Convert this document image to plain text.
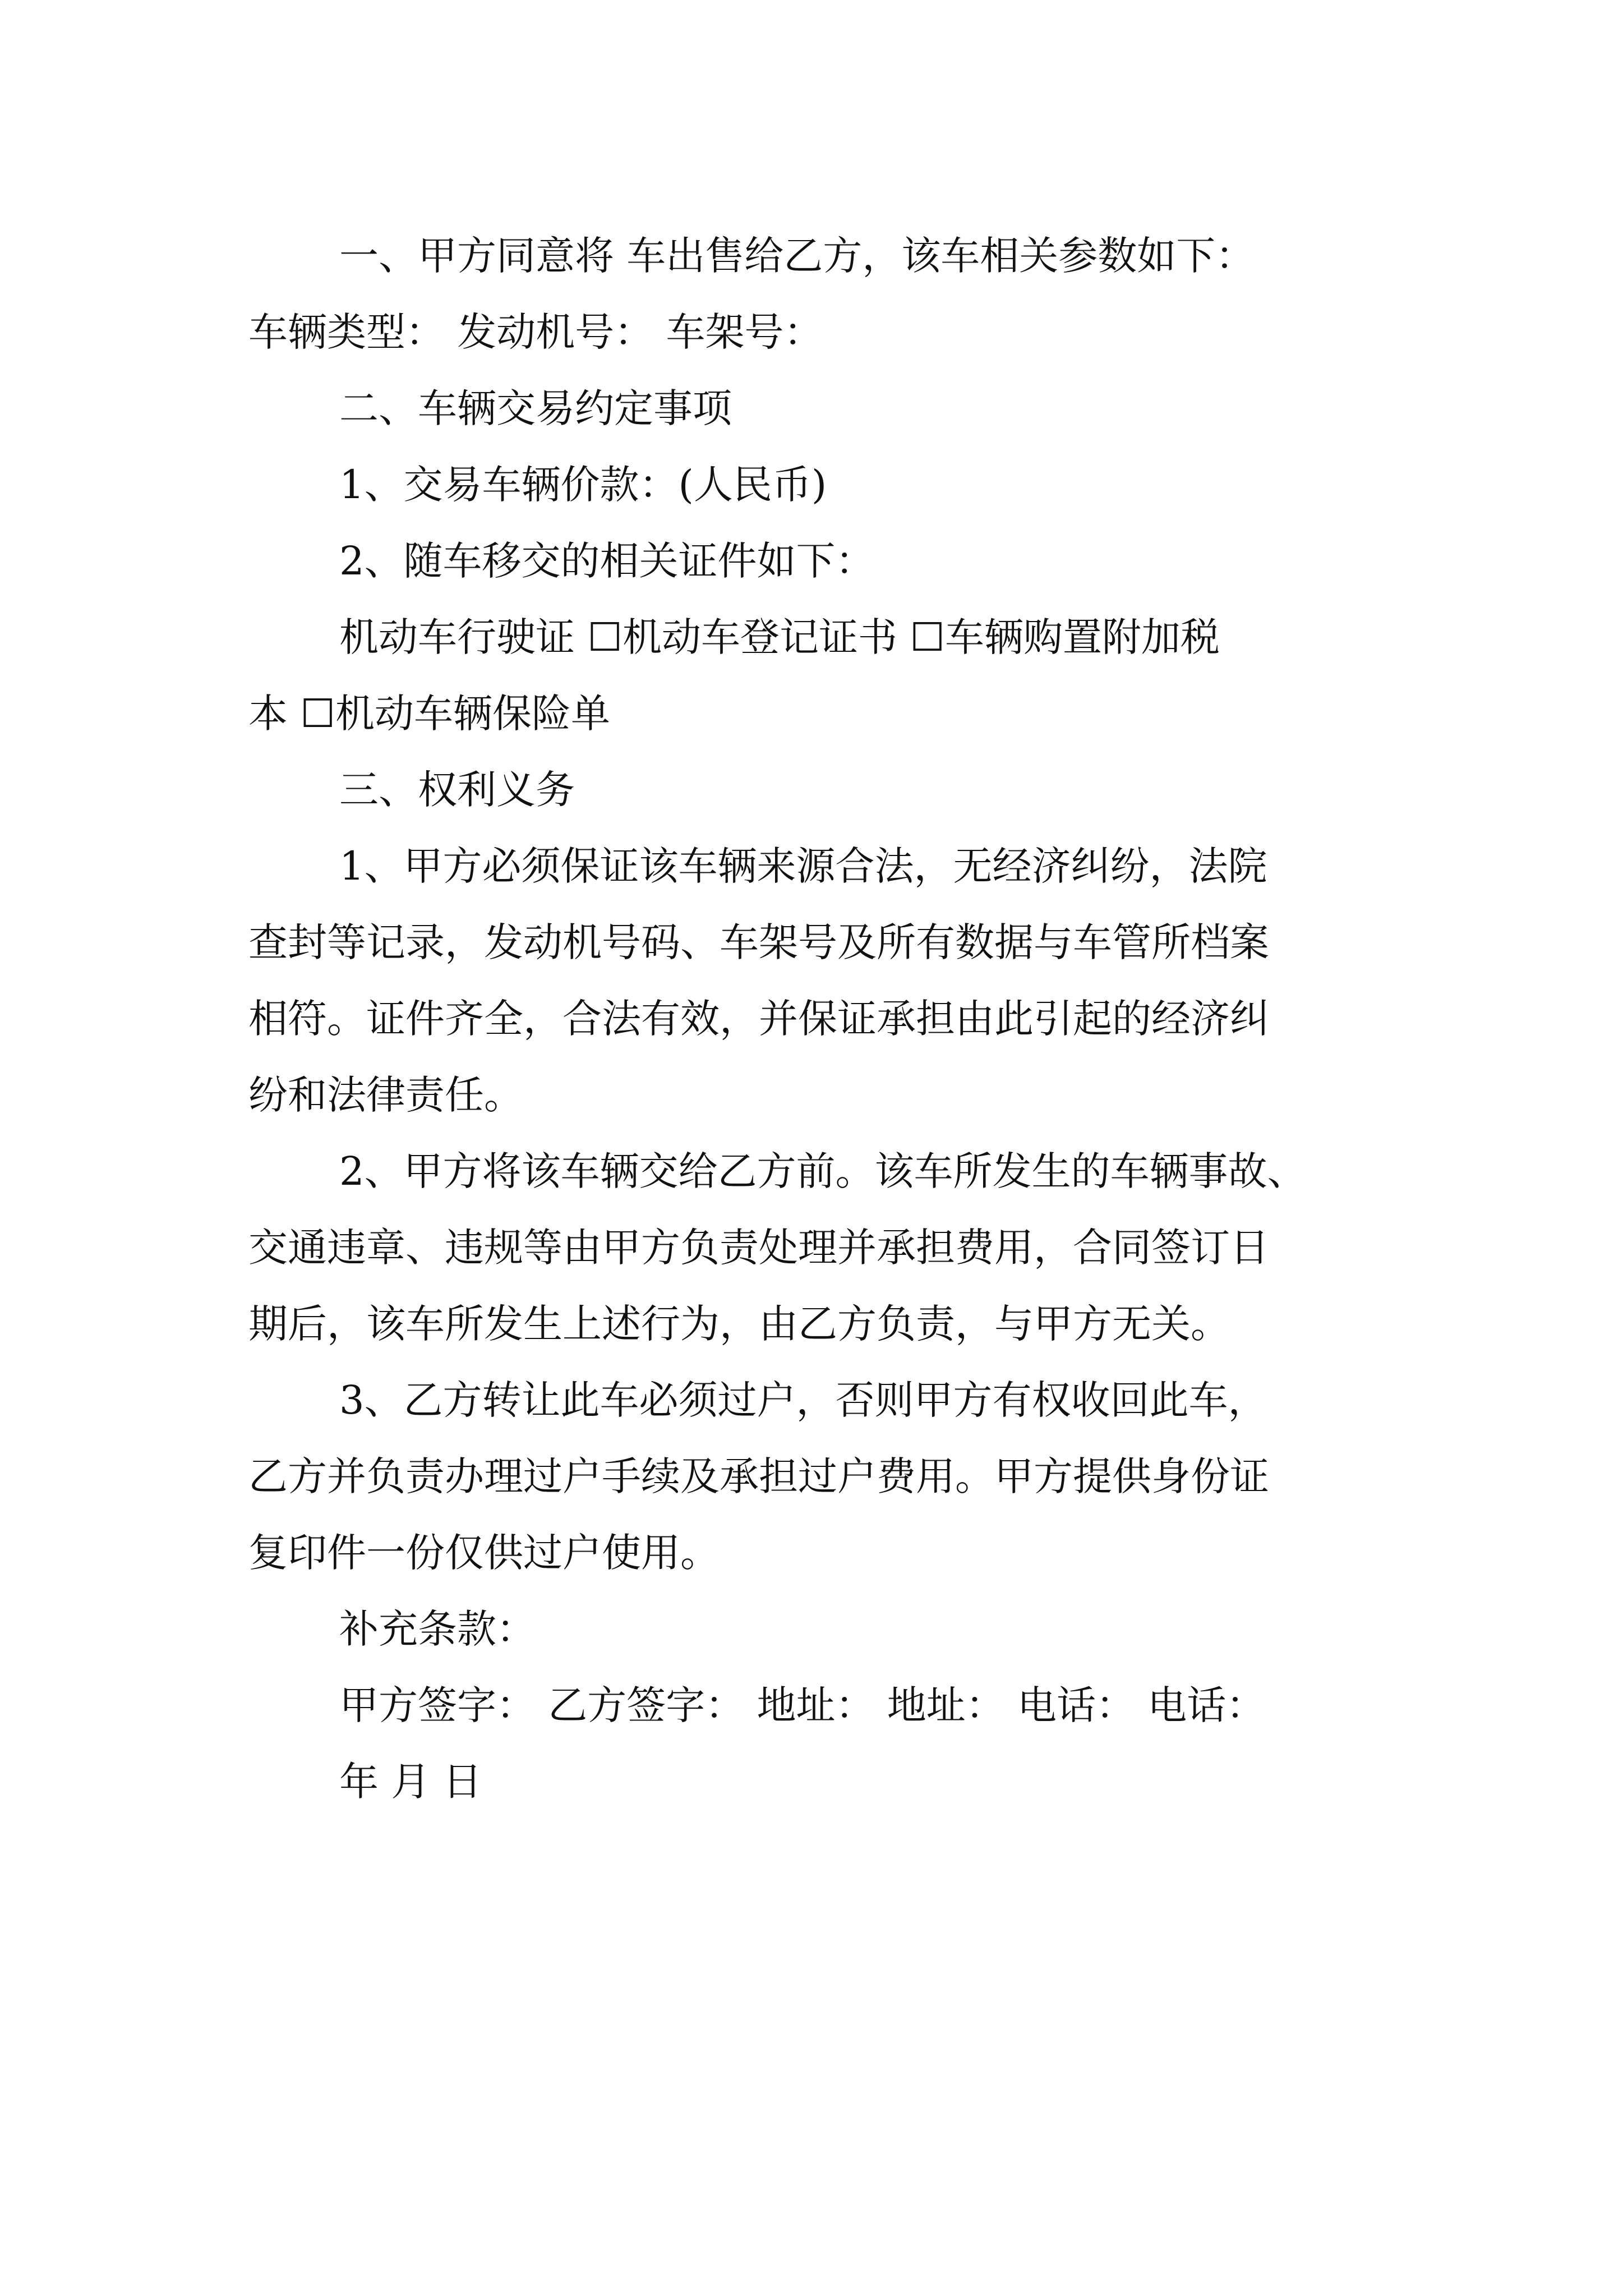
一、甲方同意将 车出售给乙方，该车相关参数如下：

车辆类型： 发动机号： 车架号：

二、车辆交易约定事项

1、交易车辆价款：(人民币)

2、随车移交的相关证件如下：

机动车行驶证 ☐机动车登记证书 ☐车辆购置附加税

本 ☐机动车辆保险单

三、权利义务

1、甲方必须保证该车辆来源合法，无经济纠纷，法院

查封等记录，发动机号码、车架号及所有数据与车管所档案

相符。证件齐全，合法有效，并保证承担由此引起的经济纠

纷和法律责任。

2、甲方将该车辆交给乙方前。该车所发生的车辆事故、

交通违章、违规等由甲方负责处理并承担费用，合同签订日

期后，该车所发生上述行为，由乙方负责，与甲方无关。

3、乙方转让此车必须过户，否则甲方有权收回此车，

乙方并负责办理过户手续及承担过户费用。甲方提供身份证

复印件一份仅供过户使用。

补充条款：

甲方签字： 乙方签字： 地址： 地址： 电话： 电话：

年 月 日
